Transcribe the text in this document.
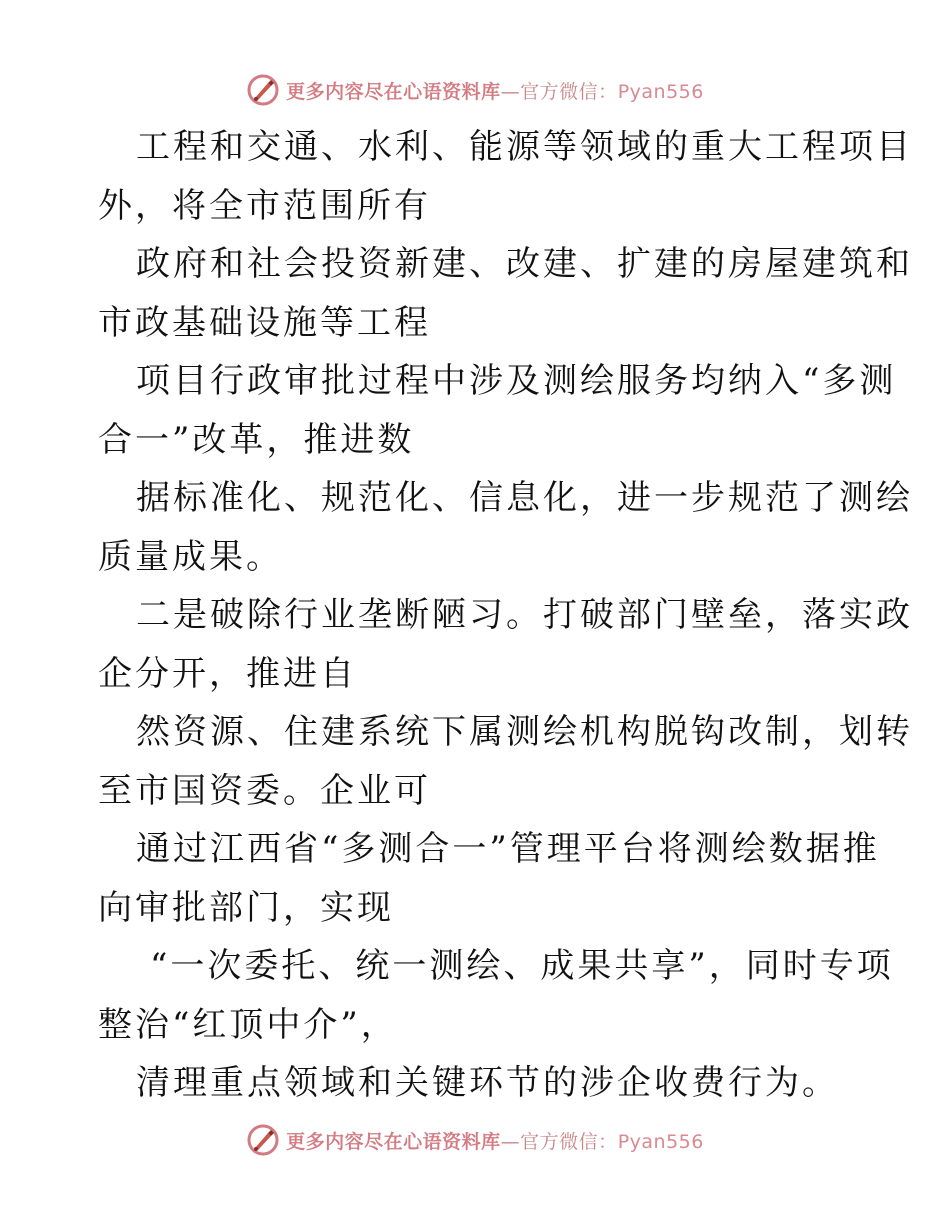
更多内容尽在心语资料库—官方微信：Pyan556
工程和交通、水利、能源等领域的重大工程项目
外，将全市范围所有
政府和社会投资新建、改建、扩建的房屋建筑和
市政基础设施等工程
项目行政审批过程中涉及测绘服务均纳入“多测
合一”改革，推进数
据标准化、规范化、信息化，进一步规范了测绘
质量成果。
二是破除行业垄断陋习。打破部门壁垒，落实政
企分开，推进自
然资源、住建系统下属测绘机构脱钩改制，划转
至市国资委。企业可
通过江西省“多测合一”管理平台将测绘数据推
向审批部门，实现
“一次委托、统一测绘、成果共享”，同时专项
整治“红顶中介”，
清理重点领域和关键环节的涉企收费行为。
更多内容尽在心语资料库—官方微信：Pyan556
